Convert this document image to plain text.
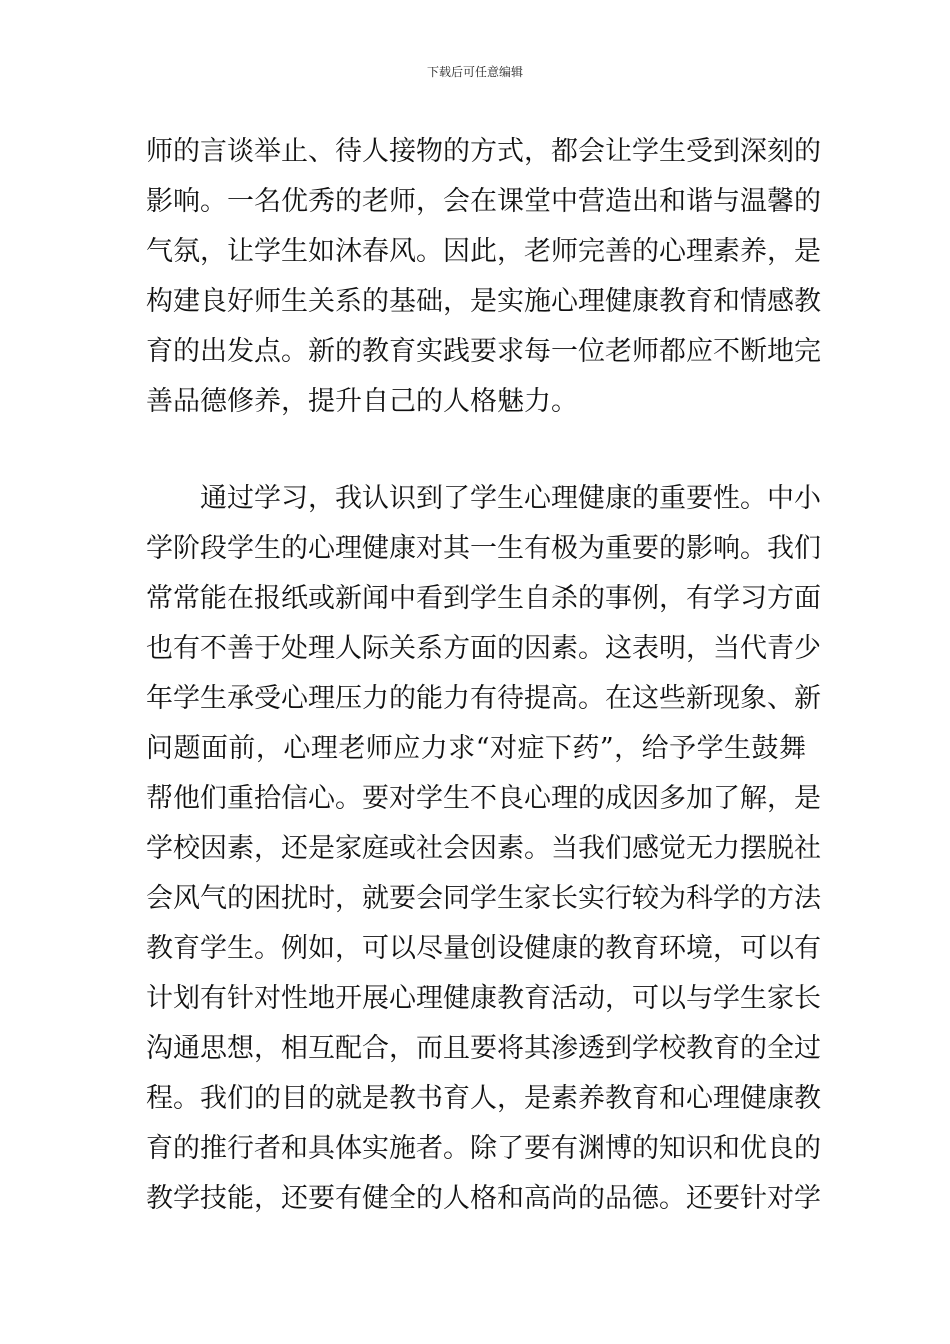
下载后可任意编辑
师的言谈举止、待人接物的方式，都会让学生受到深刻的
影响。一名优秀的老师，会在课堂中营造出和谐与温馨的
气氛，让学生如沐春风。因此，老师完善的心理素养，是
构建良好师生关系的基础，是实施心理健康教育和情感教
育的出发点。新的教育实践要求每一位老师都应不断地完
善品德修养，提升自己的人格魅力。
通过学习，我认识到了学生心理健康的重要性。中小
学阶段学生的心理健康对其一生有极为重要的影响。我们
常常能在报纸或新闻中看到学生自杀的事例，有学习方面
也有不善于处理人际关系方面的因素。这表明，当代青少
年学生承受心理压力的能力有待提高。在这些新现象、新
问题面前，心理老师应力求“对症下药”，给予学生鼓舞
帮他们重拾信心。要对学生不良心理的成因多加了解，是
学校因素，还是家庭或社会因素。当我们感觉无力摆脱社
会风气的困扰时，就要会同学生家长实行较为科学的方法
教育学生。例如，可以尽量创设健康的教育环境，可以有
计划有针对性地开展心理健康教育活动，可以与学生家长
沟通思想，相互配合，而且要将其渗透到学校教育的全过
程。我们的目的就是教书育人，是素养教育和心理健康教
育的推行者和具体实施者。除了要有渊博的知识和优良的
教学技能，还要有健全的人格和高尚的品德。还要针对学
